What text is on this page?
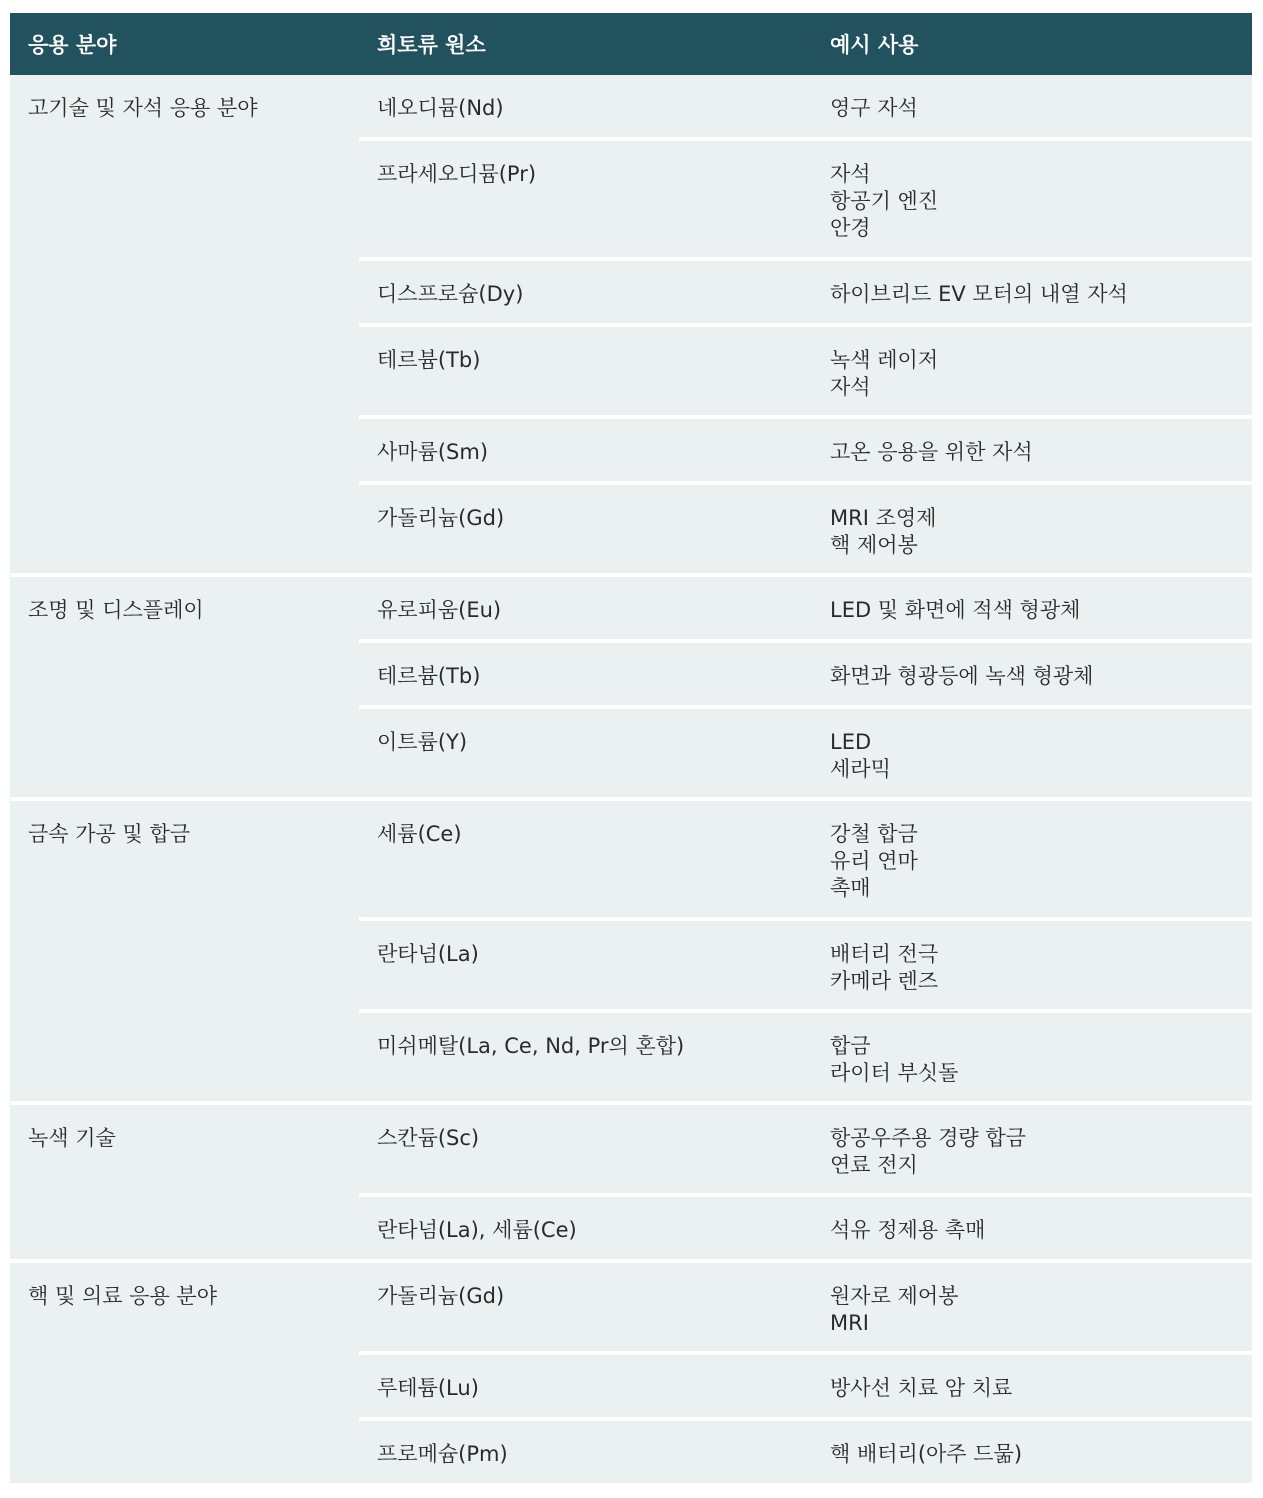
응용 분야	희토류 원소	예시 사용
고기술 및 자석 응용 분야	네오디뮴(Nd)	영구 자석
프라세오디뮴(Pr)	자석
항공기 엔진
안경
디스프로슘(Dy)	하이브리드 EV 모터의 내열 자석
테르븀(Tb)	녹색 레이저
자석
사마륨(Sm)	고온 응용을 위한 자석
가돌리늄(Gd)	MRI 조영제
핵 제어봉
조명 및 디스플레이	유로피움(Eu)	LED 및 화면에 적색 형광체
테르븀(Tb)	화면과 형광등에 녹색 형광체
이트륨(Y)	LED
세라믹
금속 가공 및 합금	세륨(Ce)	강철 합금
유리 연마
촉매
란타넘(La)	배터리 전극
카메라 렌즈
미쉬메탈(La, Ce, Nd, Pr의 혼합)	합금
라이터 부싯돌
녹색 기술	스칸듐(Sc)	항공우주용 경량 합금
연료 전지
란타넘(La), 세륨(Ce)	석유 정제용 촉매
핵 및 의료 응용 분야	가돌리늄(Gd)	원자로 제어봉
MRI
루테튬(Lu)	방사선 치료 암 치료
프로메슘(Pm)	핵 배터리(아주 드묾)
